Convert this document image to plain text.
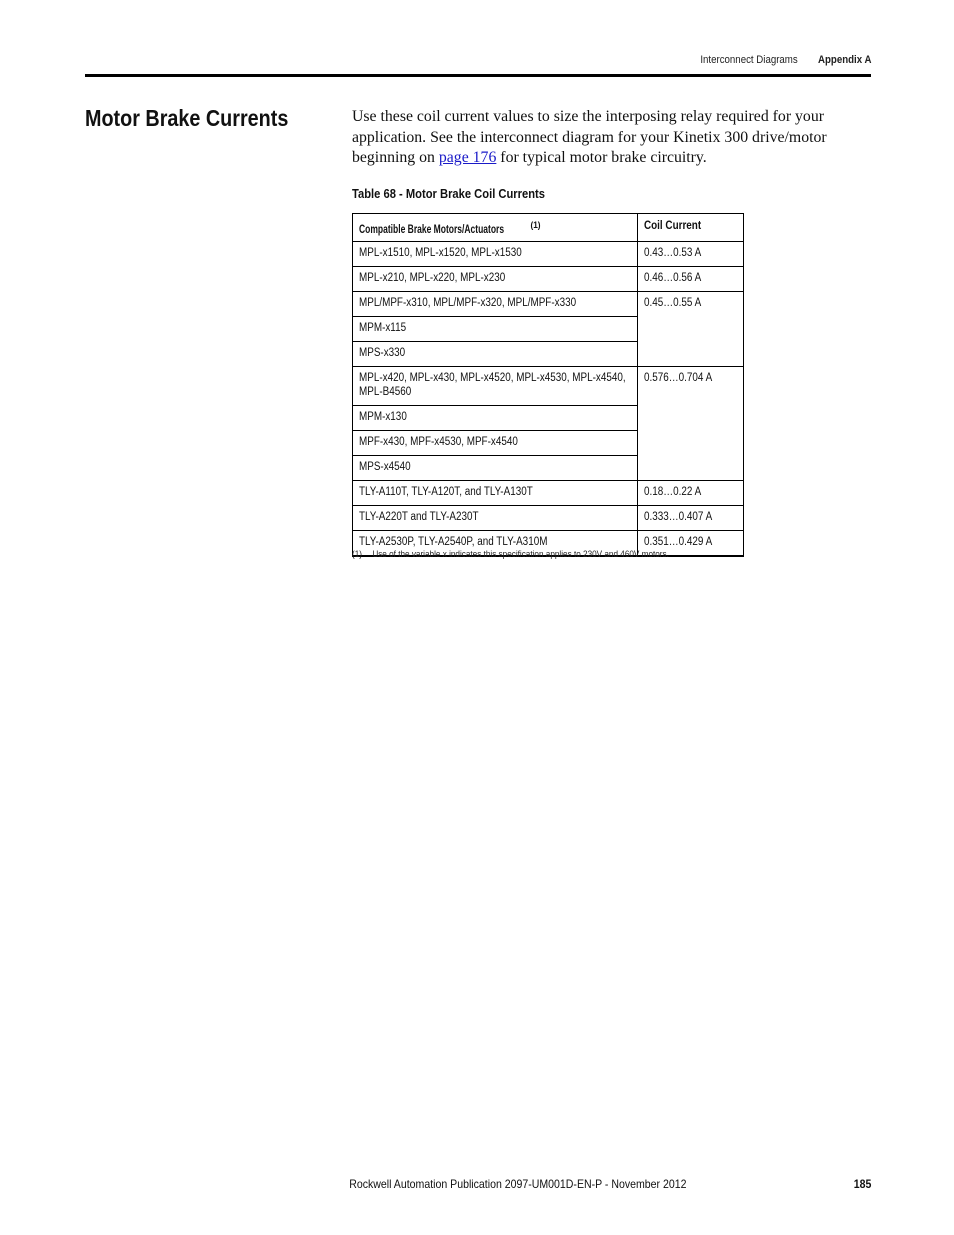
Interconnect Diagrams Appendix A
Motor Brake Currents	Use these coil current values to size the interposing relay required for your application. See the interconnect diagram for your Kinetix 300 drive/motor beginning on page 176 for typical motor brake circuitry.

Table 68 - Motor Brake Coil Currents

Compatible Brake Motors/Actuators $^{(1)}$	Coil Current
MPL-x1510, MPL-x1520, MPL-x1530	0.43…0.53 A
MPL-x210, MPL-x220, MPL-x230	0.46…0.56 A
MPL/MPF-x310, MPL/MPF-x320, MPL/MPF-x330	0.45…0.55 A
MPM-x115	
MPS-x330	
MPL-x420, MPL-x430, MPL-x4520, MPL-x4530, MPL-x4540, MPL-B4560	0.576…0.704 A
MPM-x130	
MPF-x430, MPF-x4530, MPF-x4540	
MPS-x4540	
TLY-A110T, TLY-A120T, and TLY-A130T	0.18…0.22 A
TLY-A220T and TLY-A230T	0.333…0.407 A
TLY-A2530P, TLY-A2540P, and TLY-A310M	0.351…0.429 A

(1) Use of the variable x indicates this specification applies to 230V and 460V motors.

Rockwell Automation Publication 2097-UM001D-EN-P - November 2012	185
